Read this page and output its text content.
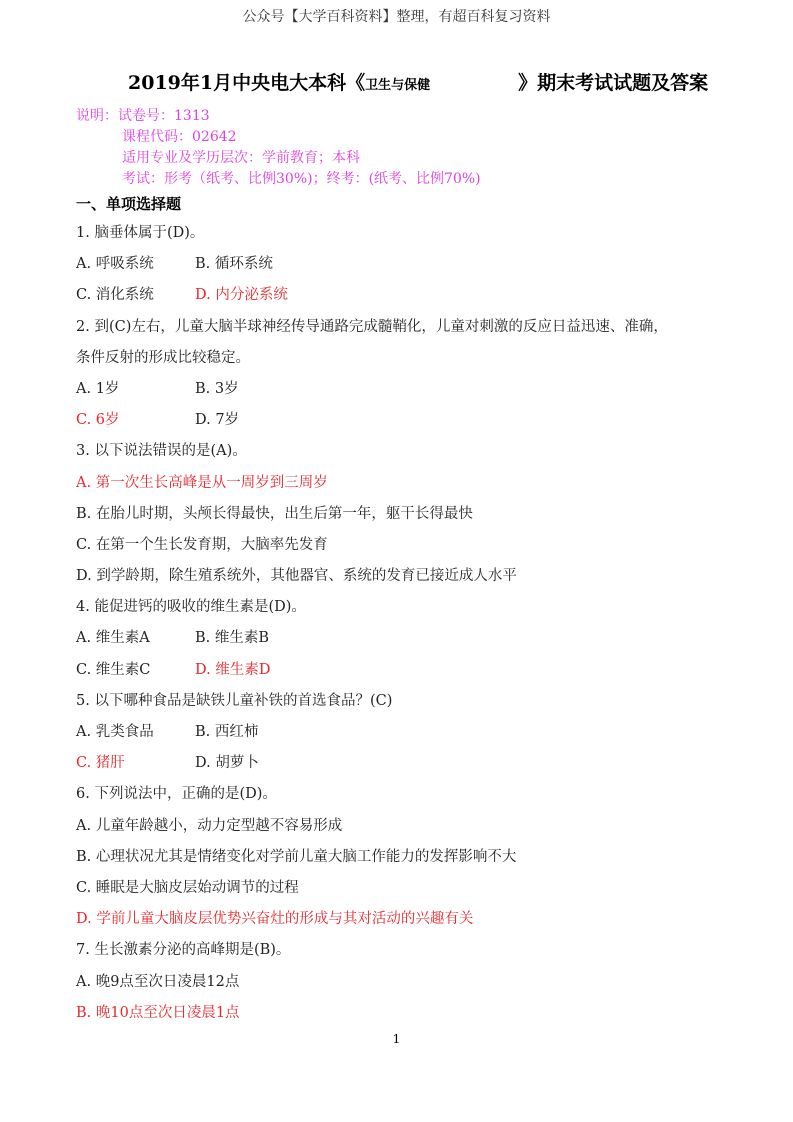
公众号【大学百科资料】整理，有超百科复习资料
2019年1月中央电大本科《卫生与保健	》期末考试试题及答案
说明：试卷号：1313
课程代码：02642
适用专业及学历层次：学前教育；本科
考试：形考（纸考、比例30%)；终考：(纸考、比例70%)
一、单项选择题
1. 脑垂体属于(D)。
A. 呼吸系统	B. 循环系统
C. 消化系统	D. 内分泌系统
2. 到(C)左右，儿童大脑半球神经传导通路完成髓鞘化，儿童对刺激的反应日益迅速、准确，
条件反射的形成比较稳定。
A. 1岁	B. 3岁
C. 6岁	D. 7岁
3. 以下说法错误的是(A)。
A. 第一次生长高峰是从一周岁到三周岁
B. 在胎儿时期，头颅长得最快，出生后第一年，躯干长得最快
C. 在第一个生长发育期，大脑率先发育
D. 到学龄期，除生殖系统外，其他器官、系统的发育已接近成人水平
4. 能促进钙的吸收的维生素是(D)。
A. 维生素A	B. 维生素B
C. 维生素C	D. 维生素D
5. 以下哪种食品是缺铁儿童补铁的首选食品？(C)
A. 乳类食品	B. 西红柿
C. 猪肝	D. 胡萝卜
6. 下列说法中，正确的是(D)。
A. 儿童年龄越小，动力定型越不容易形成
B. 心理状况尤其是情绪变化对学前儿童大脑工作能力的发挥影响不大
C. 睡眠是大脑皮层始动调节的过程
D. 学前儿童大脑皮层优势兴奋灶的形成与其对活动的兴趣有关
7. 生长激素分泌的高峰期是(B)。
A. 晚9点至次日凌晨12点
B. 晚10点至次日凌晨1点
1
